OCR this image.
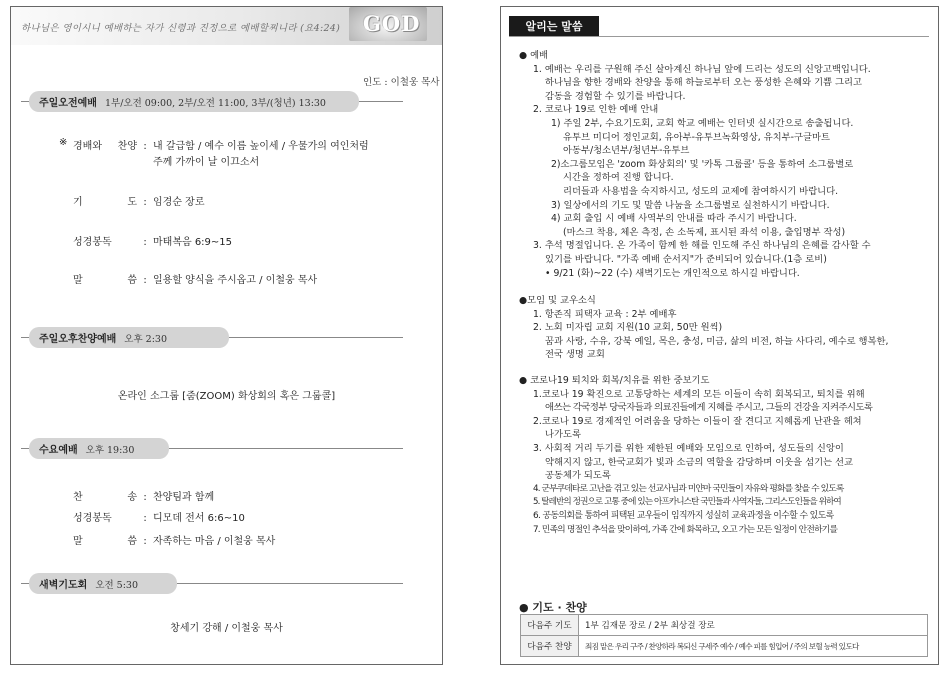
하나님은 영이시니 예배하는 자가 신령과 진정으로 예배할찌니라 (요4:24) GOD
인도 : 이철웅 목사
주일오전예배 1부/오전 09:00, 2부/오전 11:00, 3부/(청년) 13:30
※ 경배와 찬양 : 내 갈급함 / 예수 이름 높이세 / 우물가의 여인처럼
주께 가까이 날 이끄소서
기 도 : 임경순 장로
성경봉독	: 마태복음 6:9~15
말 씀 : 일용할 양식을 주시옵고 / 이철웅 목사
주일오후찬양예배 오후 2:30
온라인 소그룹 [줌(ZOOM) 화상회의 혹은 그룹콜]
수요예배 오후 19:30
찬 송 : 찬양팀과 함께
성경봉독	: 디모데 전서 6:6~10
말 씀 : 자족하는 마음 / 이철웅 목사
새벽기도회 오전 5:30
창세기 강해 / 이철웅 목사
알리는 말씀

● 예배

1. 예배는 우리를 구원해 주신 살아계신 하나님 앞에 드리는 성도의 신앙고백입니다.

하나님을 향한 경배와 찬양을 통해 하늘로부터 오는 풍성한 은혜와 기쁨 그리고

감동을 경험할 수 있기를 바랍니다.

2. 코로나 19로 인한 예배 안내

1) 주일 2부, 수요기도회, 교회 학교 예배는 인터넷 실시간으로 송출됩니다.

유투브 미디어 정인교회, 유아부-유투브녹화영상, 유치부-구글마트

아동부/청소년부/청년부-유투브

2)소그룹모임은 'zoom 화상회의' 및 '카톡 그룹콜' 등을 통하여 소그룹별로

시간을 정하여 진행 합니다.

리더들과 사용법을 숙지하시고, 성도의 교제에 참여하시기 바랍니다.

3) 일상에서의 기도 및 말씀 나눔을 소그룹별로 실천하시기 바랍니다.

4) 교회 출입 시 예배 사역부의 안내를 따라 주시기 바랍니다.

(마스크 착용, 체온 측정, 손 소독제, 표시된 좌석 이용, 출입명부 작성)

3. 추석 명절입니다. 온 가족이 함께 한 해를 인도해 주신 하나님의 은혜를 감사할 수

있기를 바랍니다. "가족 예배 순서지"가 준비되어 있습니다.(1층 로비)

• 9/21 (화)~22 (수) 새벽기도는 개인적으로 하시길 바랍니다.

●모임 및 교우소식

1. 항존직 피택자 교육 : 2부 예배후

2. 노회 미자립 교회 지원(10 교회, 50만 원씩)

꿈과 사랑, 수유, 강북 예일, 목은, 충성, 미금, 삶의 비전, 하늘 사다리, 예수로 행복한,

전국 생명 교회

● 코로나19 퇴치와 회복/치유를 위한 중보기도

1.코로나 19 확진으로 고통당하는 세계의 모든 이들이 속히 회복되고, 퇴치를 위해

애쓰는 각국정부 당국자들과 의료진들에게 지혜를 주시고, 그들의 건강을 지켜주시도록

2.코로나 19로 경제적인 어려움을 당하는 이들이 잘 견디고 지혜롭게 난관을 헤쳐

나가도록

3. 사회적 거리 두기를 위한 제한된 예배와 모임으로 인하여, 성도들의 신앙이

약해지지 않고, 한국교회가 빛과 소금의 역할을 감당하며 이웃을 섬기는 선교

공동체가 되도록

4. 군부쿠데타로 고난을 겪고 있는 선교사님과 미얀마 국민들이 자유와 평화를 찾을 수 있도록

5. 탈레반의 정권으로 고통 중에 있는 아프카니스탄 국민들과 사역자들, 그리스도인들을 위하여

6. 공동의회를 통하여 피택된 교우들이 임직까지 성실히 교육과정을 이수할 수 있도록

7. 민족의 명절인 추석을 맞이하여, 가족 간에 화목하고, 오고 가는 모든 일정이 안전하기를

● 기도 · 찬양
다음주 기도	1부 김재문 장로 / 2부 최상걸 장로
다음주 찬양	죄짐 맡은 우리 구주 / 찬양하라 복되신 구세주 예수 / 예수 피를 힘입어 / 주의 보혈 능력 있도다
